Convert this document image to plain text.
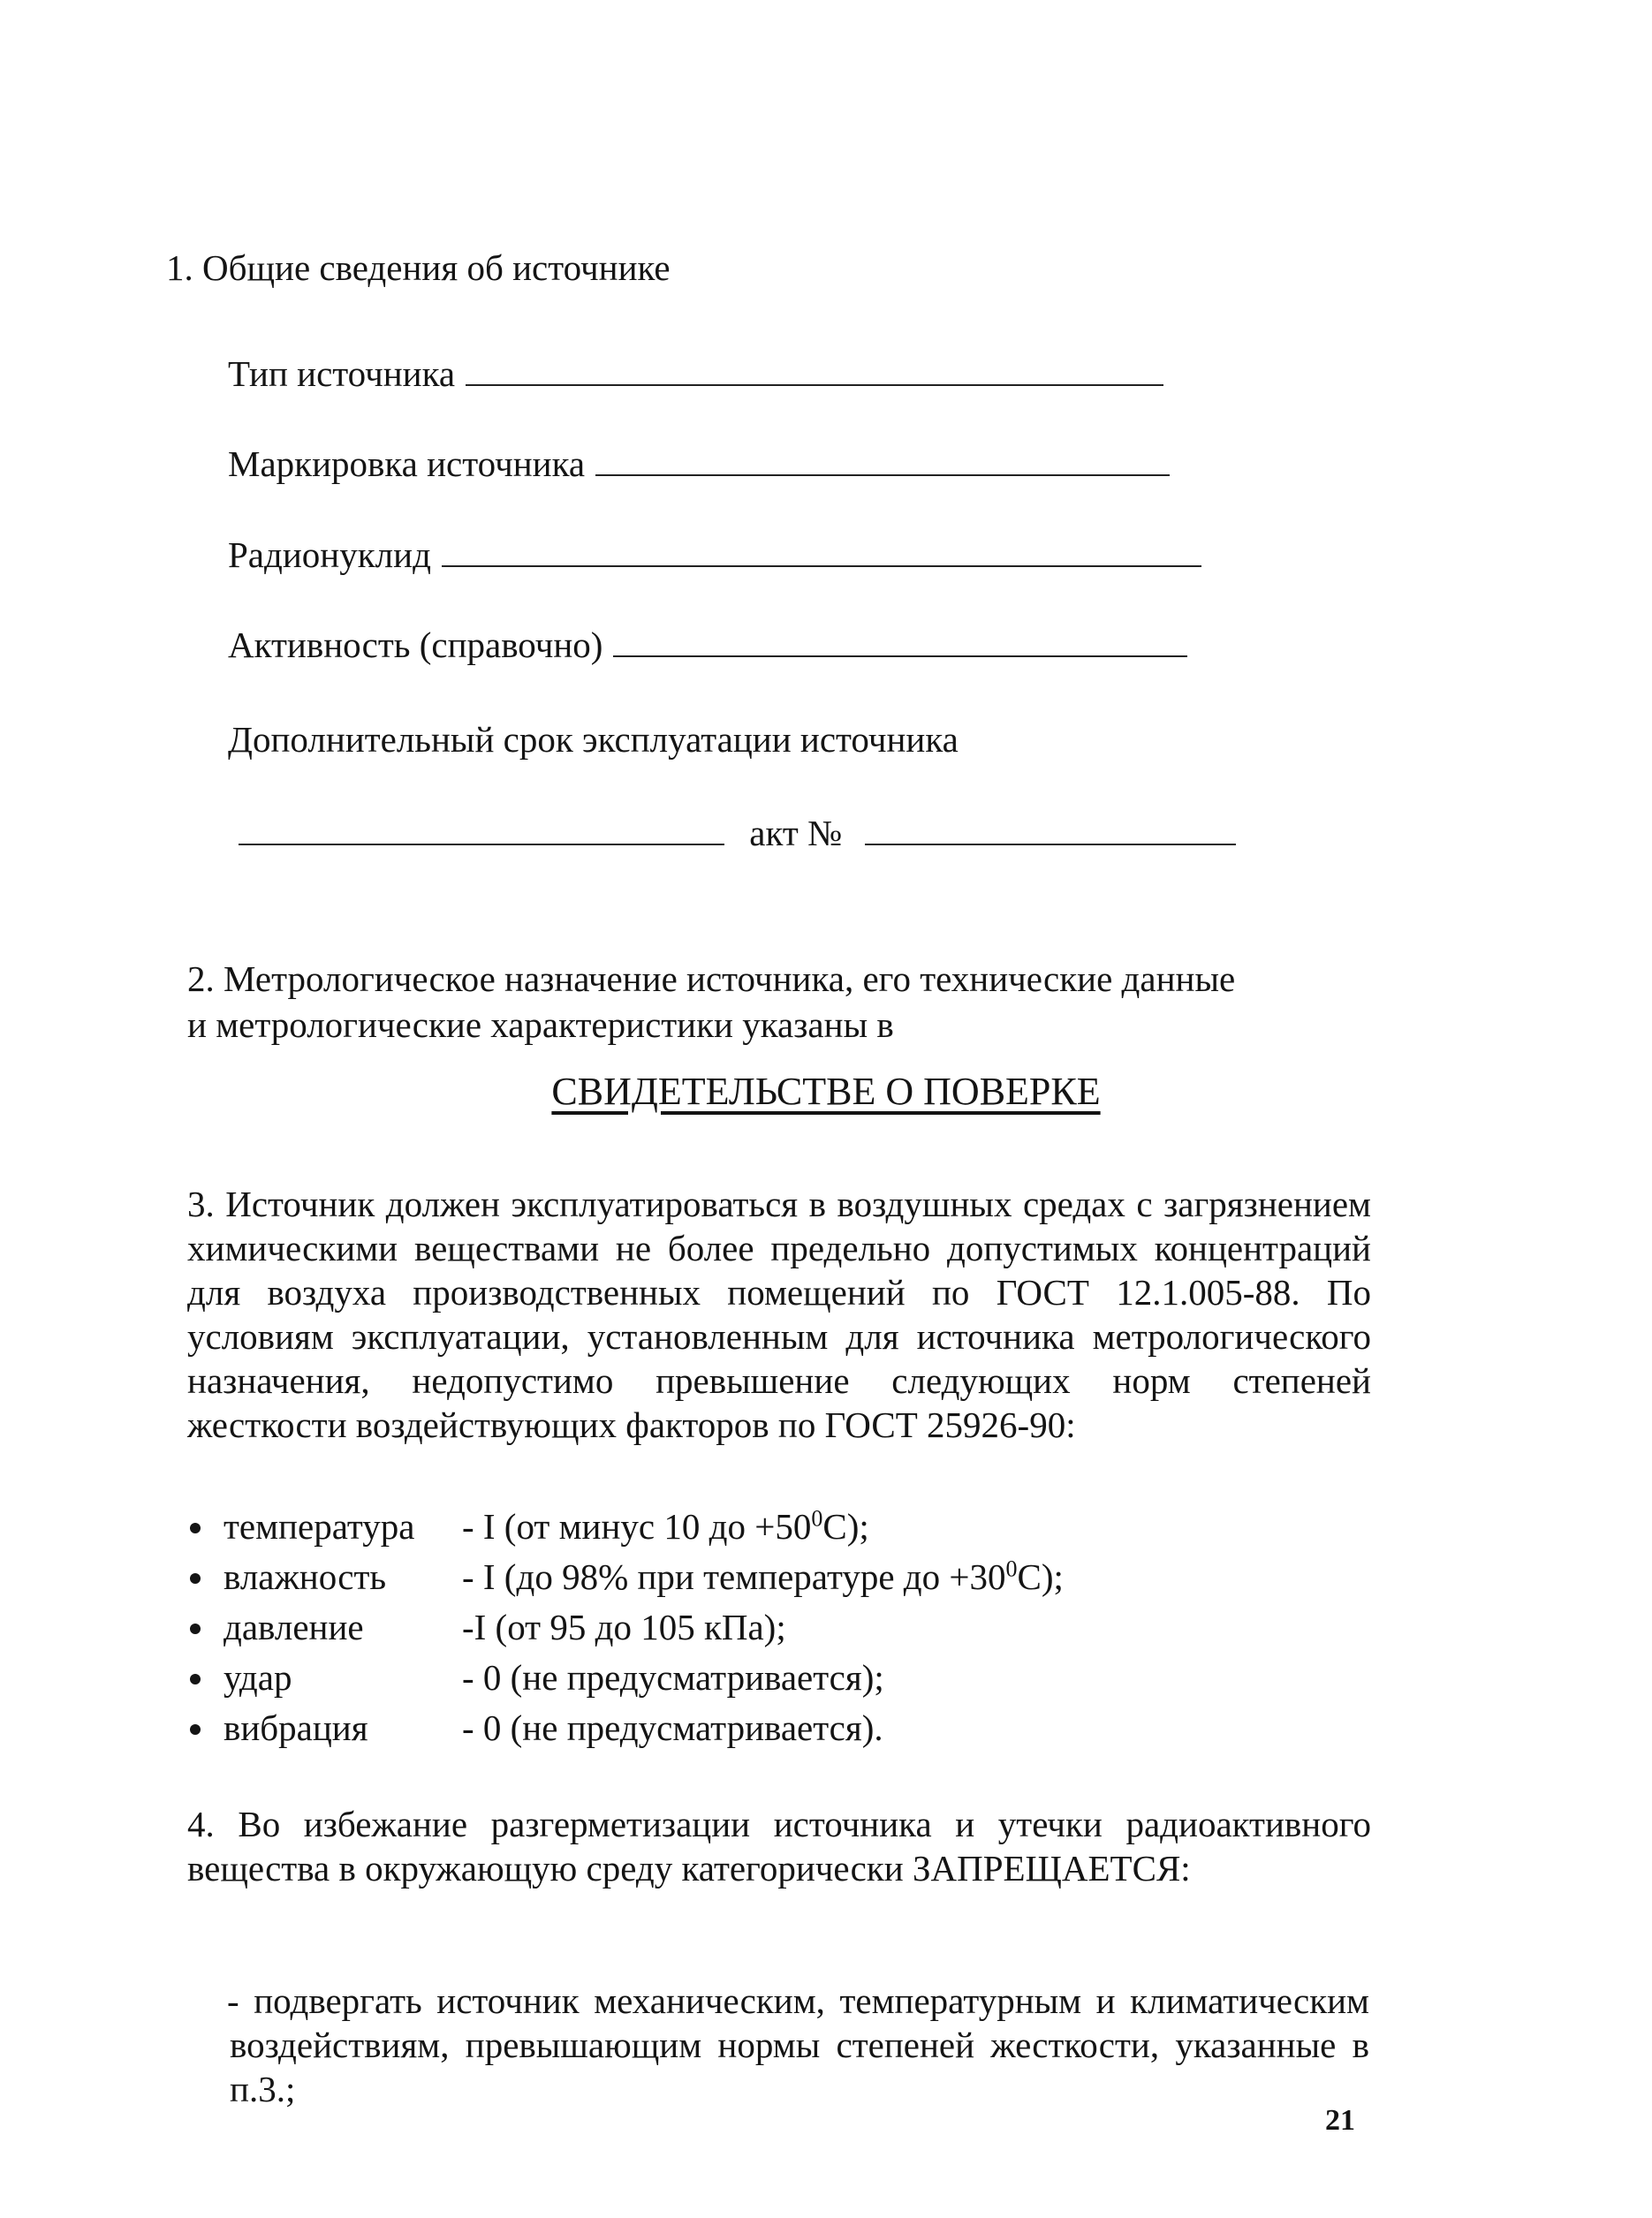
1. Общие сведения об источнике
Тип источника
Маркировка источника
Радионуклид
Активность (справочно)
Дополнительный срок эксплуатации источника
акт №
2. Метрологическое назначение источника, его технические данные
и метрологические характеристики указаны в
СВИДЕТЕЛЬСТВЕ О ПОВЕРКЕ
3. Источник должен эксплуатироваться в воздушных средах с загрязнением химическими веществами не более предельно допустимых концентраций для воздуха производственных помещений по ГОСТ 12.1.005-88. По условиям эксплуатации, установленным для источника метрологического назначения, недопустимо превышение следующих норм степеней жесткости воздействующих факторов по ГОСТ 25926-90:
температура - I (от минус 10 до $+50^0С$);
влажность - I (до 98% при температуре до $+30^0С$);
давление	-I (от 95 до 105 кПа);
удар	- 0 (не предусматривается);
вибрация	- 0 (не предусматривается).
4. Во избежание разгерметизации источника и утечки радиоактивного вещества в окружающую среду категорически ЗАПРЕЩАЕТСЯ:
- подвергать источник механическим, температурным и климатическим воздействиям, превышающим нормы степеней жесткости, указанные в п.3.;
21
